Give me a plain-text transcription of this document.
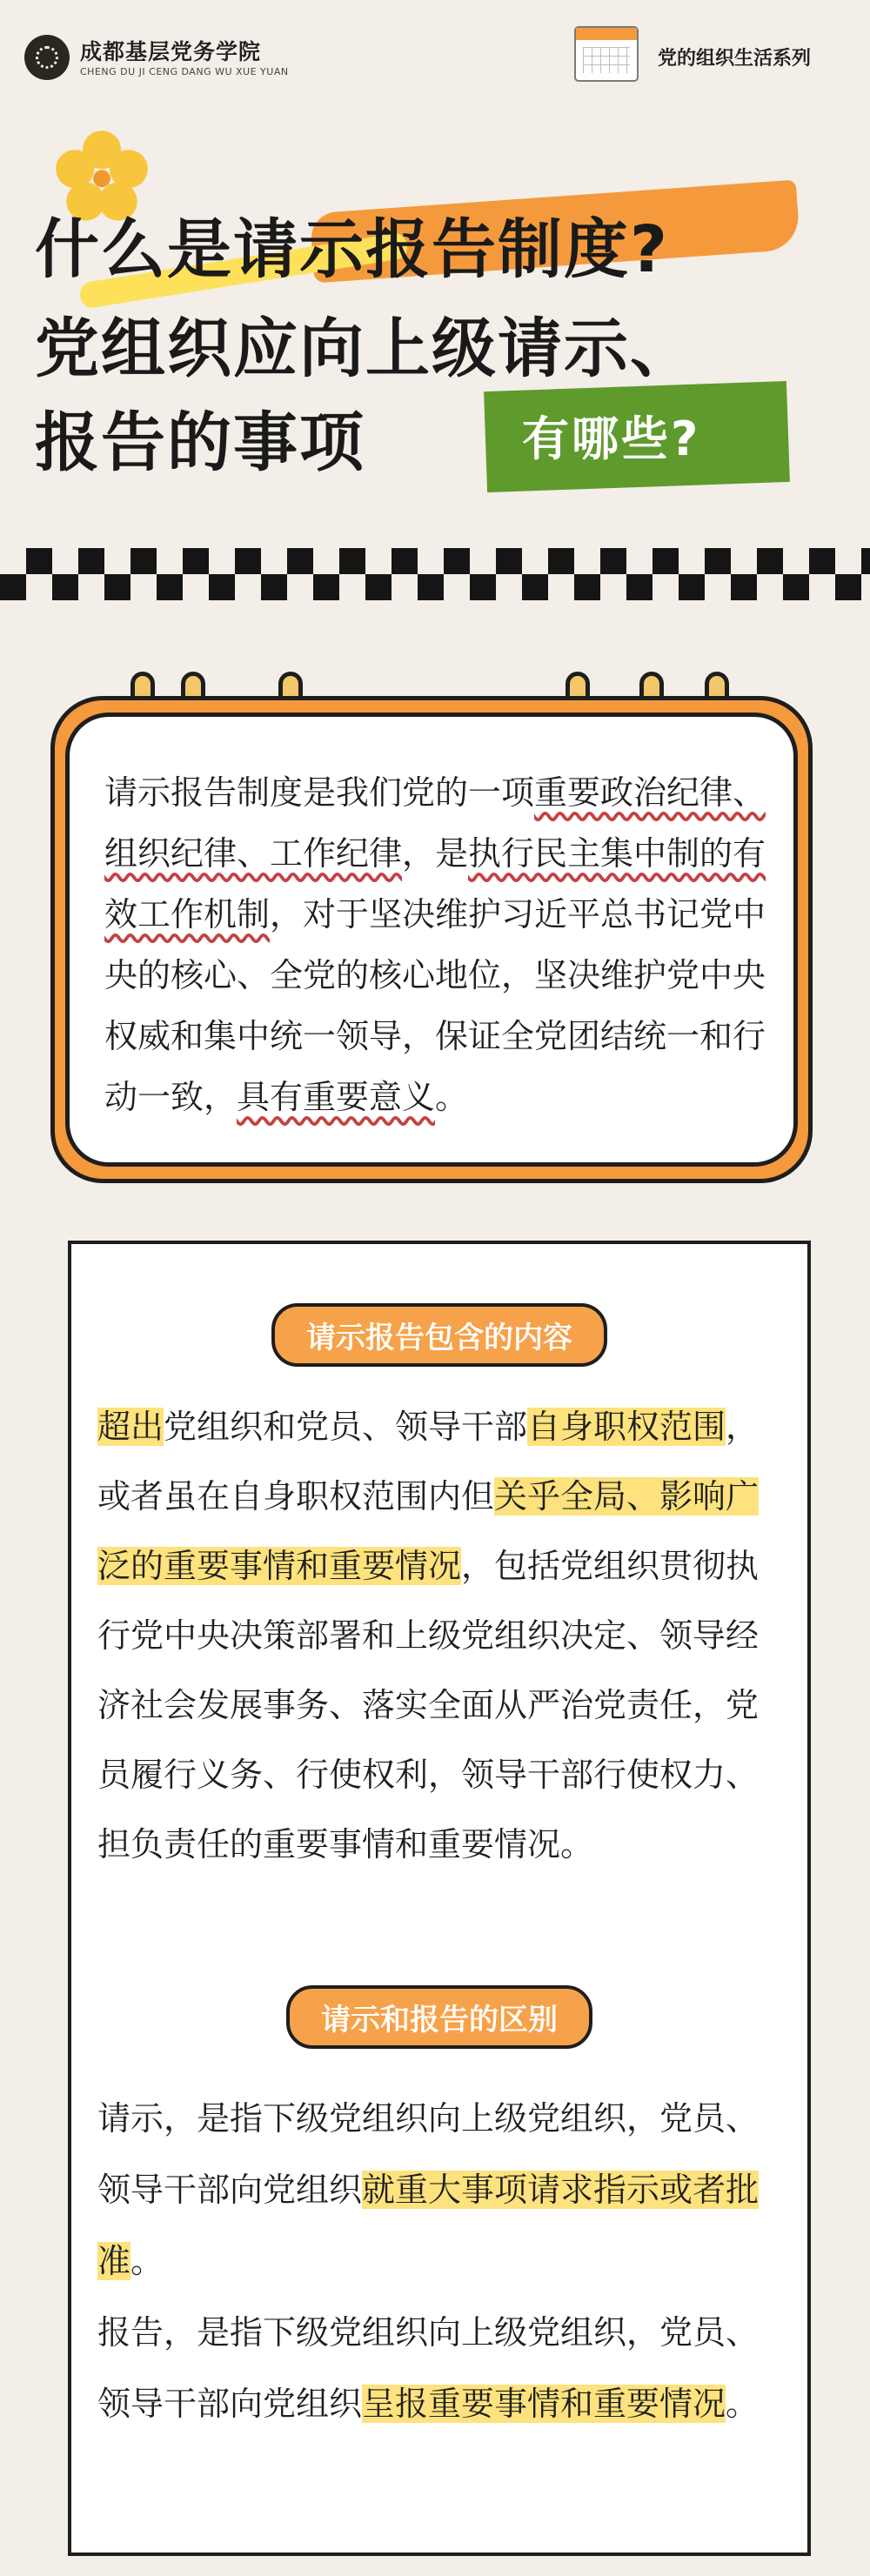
成都基层党务学院
CHENG DU JI CENG DANG WU XUE YUAN
党的组织生活系列
什么是请示报告制度?
党组织应向上级请示、
报告的事项	有哪些?
请示报告制度是我们党的一项重要政治纪律、组织纪律、工作纪律，是执行民主集中制的有效工作机制，对于坚决维护习近平总书记党中央的核心、全党的核心地位，坚决维护党中央权威和集中统一领导，保证全党团结统一和行动一致，具有重要意义。
请示报告包含的内容
超出党组织和党员、领导干部自身职权范围，或者虽在自身职权范围内但关乎全局、影响广泛的重要事情和重要情况，包括党组织贯彻执行党中央决策部署和上级党组织决定、领导经济社会发展事务、落实全面从严治党责任，党员履行义务、行使权利，领导干部行使权力、担负责任的重要事情和重要情况。
请示和报告的区别
请示，是指下级党组织向上级党组织，党员、领导干部向党组织就重大事项请求指示或者批准。
报告，是指下级党组织向上级党组织，党员、领导干部向党组织呈报重要事情和重要情况。
